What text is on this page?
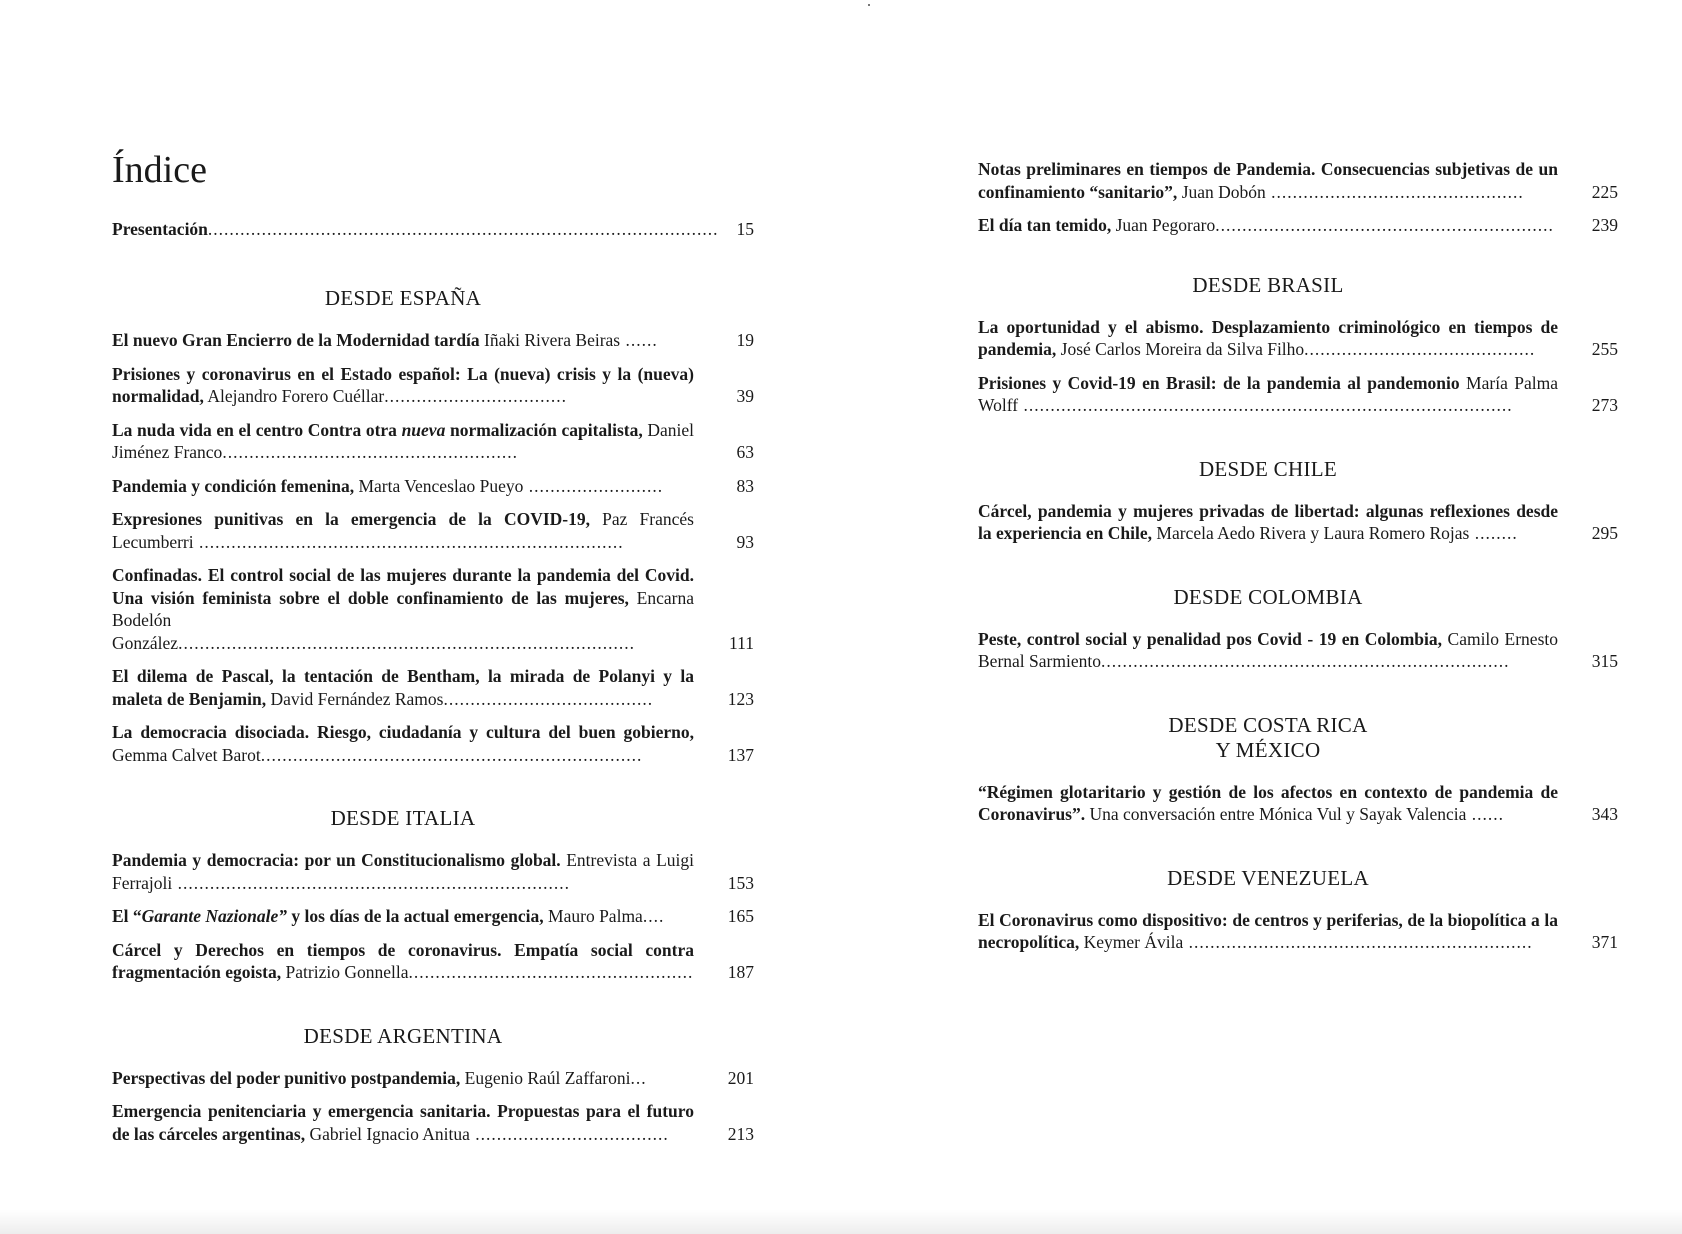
Índice
Presentación...............................................................................................	15
DESDE ESPAÑA
El nuevo Gran Encierro de la Modernidad tardía Iñaki Rivera Beiras ......	19
Prisiones y coronavirus en el Estado español: La (nueva) crisis y la (nueva) normalidad, Alejandro Forero Cuéllar..................................	39
La nuda vida en el centro Contra otra nueva normalización capitalista, Daniel Jiménez Franco.......................................................	63
Pandemia y condición femenina, Marta Venceslao Pueyo .........................	83
Expresiones punitivas en la emergencia de la COVID-19, Paz Francés Lecumberri ...............................................................................	93
Confinadas. El control social de las mujeres durante la pandemia del Covid. Una visión feminista sobre el doble confinamiento de las mujeres, Encarna Bodelón González.....................................................................................	111
El dilema de Pascal, la tentación de Bentham, la mirada de Polanyi y la maleta de Benjamin, David Fernández Ramos.......................................	123
La democracia disociada. Riesgo, ciudadanía y cultura del buen gobierno, Gemma Calvet Barot.......................................................................	137
DESDE ITALIA
Pandemia y democracia: por un Constitucionalismo global. Entrevista a Luigi Ferrajoli .........................................................................	153
El “Garante Nazionale” y los días de la actual emergencia, Mauro Palma....	165
Cárcel y Derechos en tiempos de coronavirus. Empatía social contra fragmentación egoista, Patrizio Gonnella.....................................................	187
DESDE ARGENTINA
Perspectivas del poder punitivo postpandemia, Eugenio Raúl Zaffaroni...	201
Emergencia penitenciaria y emergencia sanitaria. Propuestas para el futuro de las cárceles argentinas, Gabriel Ignacio Anitua ....................................	213
Notas preliminares en tiempos de Pandemia. Consecuencias subjetivas de un confinamiento “sanitario”, Juan Dobón ...............................................	225
El día tan temido, Juan Pegoraro...............................................................	239
DESDE BRASIL
La oportunidad y el abismo. Desplazamiento criminológico en tiempos de pandemia, José Carlos Moreira da Silva Filho...........................................	255
Prisiones y Covid-19 en Brasil: de la pandemia al pandemonio María Palma Wolff ...........................................................................................	273
DESDE CHILE
Cárcel, pandemia y mujeres privadas de libertad: algunas reflexiones desde la experiencia en Chile, Marcela Aedo Rivera y Laura Romero Rojas ........	295
DESDE COLOMBIA
Peste, control social y penalidad pos Covid - 19 en Colombia, Camilo Ernesto Bernal Sarmiento............................................................................	315
DESDE COSTA RICA
Y MÉXICO
“Régimen glotaritario y gestión de los afectos en contexto de pandemia de Coronavirus”. Una conversación entre Mónica Vul y Sayak Valencia ......	343
DESDE VENEZUELA
El Coronavirus como dispositivo: de centros y periferias, de la biopolítica a la necropolítica, Keymer Ávila ................................................................	371
